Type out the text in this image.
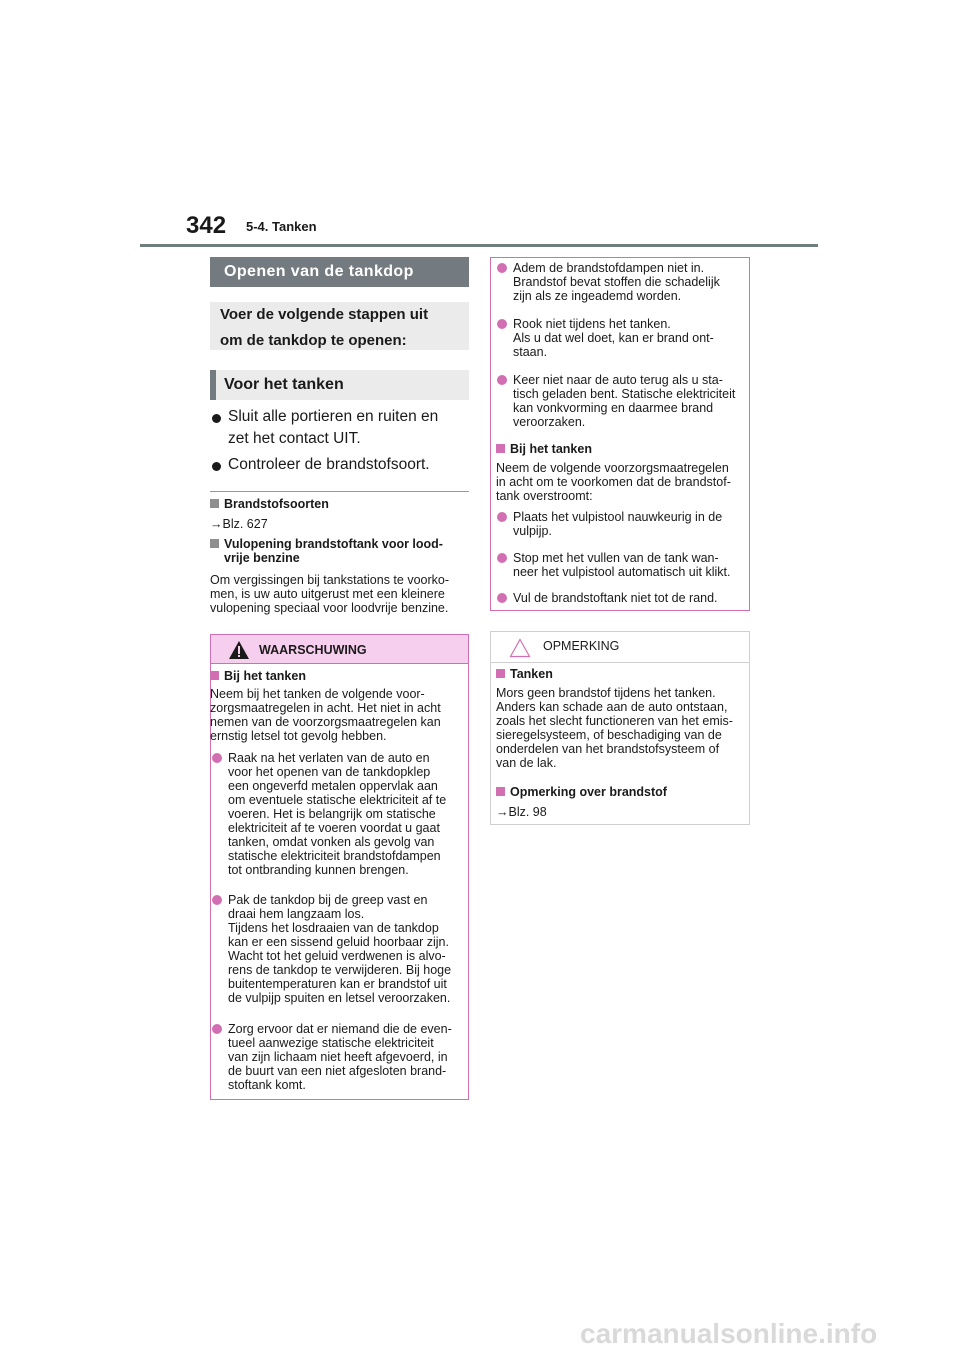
342 5-4. Tanken
Openen van de tankdop
Voer de volgende stappen uit om de tankdop te openen:
Voor het tanken
Sluit alle portieren en ruiten en zet het contact UIT.
Controleer de brandstofsoort.
Brandstofsoorten
→Blz. 627
Vulopening brandstoftank voor lood-
vrije benzine
Om vergissingen bij tankstations te voorko-
men, is uw auto uitgerust met een kleinere
vulopening speciaal voor loodvrije benzine.
WAARSCHUWING
Bij het tanken
Neem bij het tanken de volgende voor-
zorgsmaatregelen in acht. Het niet in acht
nemen van de voorzorgsmaatregelen kan
ernstig letsel tot gevolg hebben.
Raak na het verlaten van de auto en
voor het openen van de tankdopklep
een ongeverfd metalen oppervlak aan
om eventuele statische elektriciteit af te
voeren. Het is belangrijk om statische
elektriciteit af te voeren voordat u gaat
tanken, omdat vonken als gevolg van
statische elektriciteit brandstofdampen
tot ontbranding kunnen brengen.
Pak de tankdop bij de greep vast en
draai hem langzaam los.
Tijdens het losdraaien van de tankdop
kan er een sissend geluid hoorbaar zijn.
Wacht tot het geluid verdwenen is alvo-
rens de tankdop te verwijderen. Bij hoge
buitentemperaturen kan er brandstof uit
de vulpijp spuiten en letsel veroorzaken.
Zorg ervoor dat er niemand die de even-
tueel aanwezige statische elektriciteit
van zijn lichaam niet heeft afgevoerd, in
de buurt van een niet afgesloten brand-
stoftank komt.
Adem de brandstofdampen niet in.
Brandstof bevat stoffen die schadelijk
zijn als ze ingeademd worden.
Rook niet tijdens het tanken.
Als u dat wel doet, kan er brand ont-
staan.
Keer niet naar de auto terug als u sta-
tisch geladen bent. Statische elektriciteit
kan vonkvorming en daarmee brand
veroorzaken.
Bij het tanken
Neem de volgende voorzorgsmaatregelen
in acht om te voorkomen dat de brandstof-
tank overstroomt:
Plaats het vulpistool nauwkeurig in de
vulpijp.
Stop met het vullen van de tank wan-
neer het vulpistool automatisch uit klikt.
Vul de brandstoftank niet tot de rand.
OPMERKING
Tanken
Mors geen brandstof tijdens het tanken.
Anders kan schade aan de auto ontstaan,
zoals het slecht functioneren van het emis-
sieregelsysteem, of beschadiging van de
onderdelen van het brandstofsysteem of
van de lak.
Opmerking over brandstof
→Blz. 98
carmanualsonline.info
